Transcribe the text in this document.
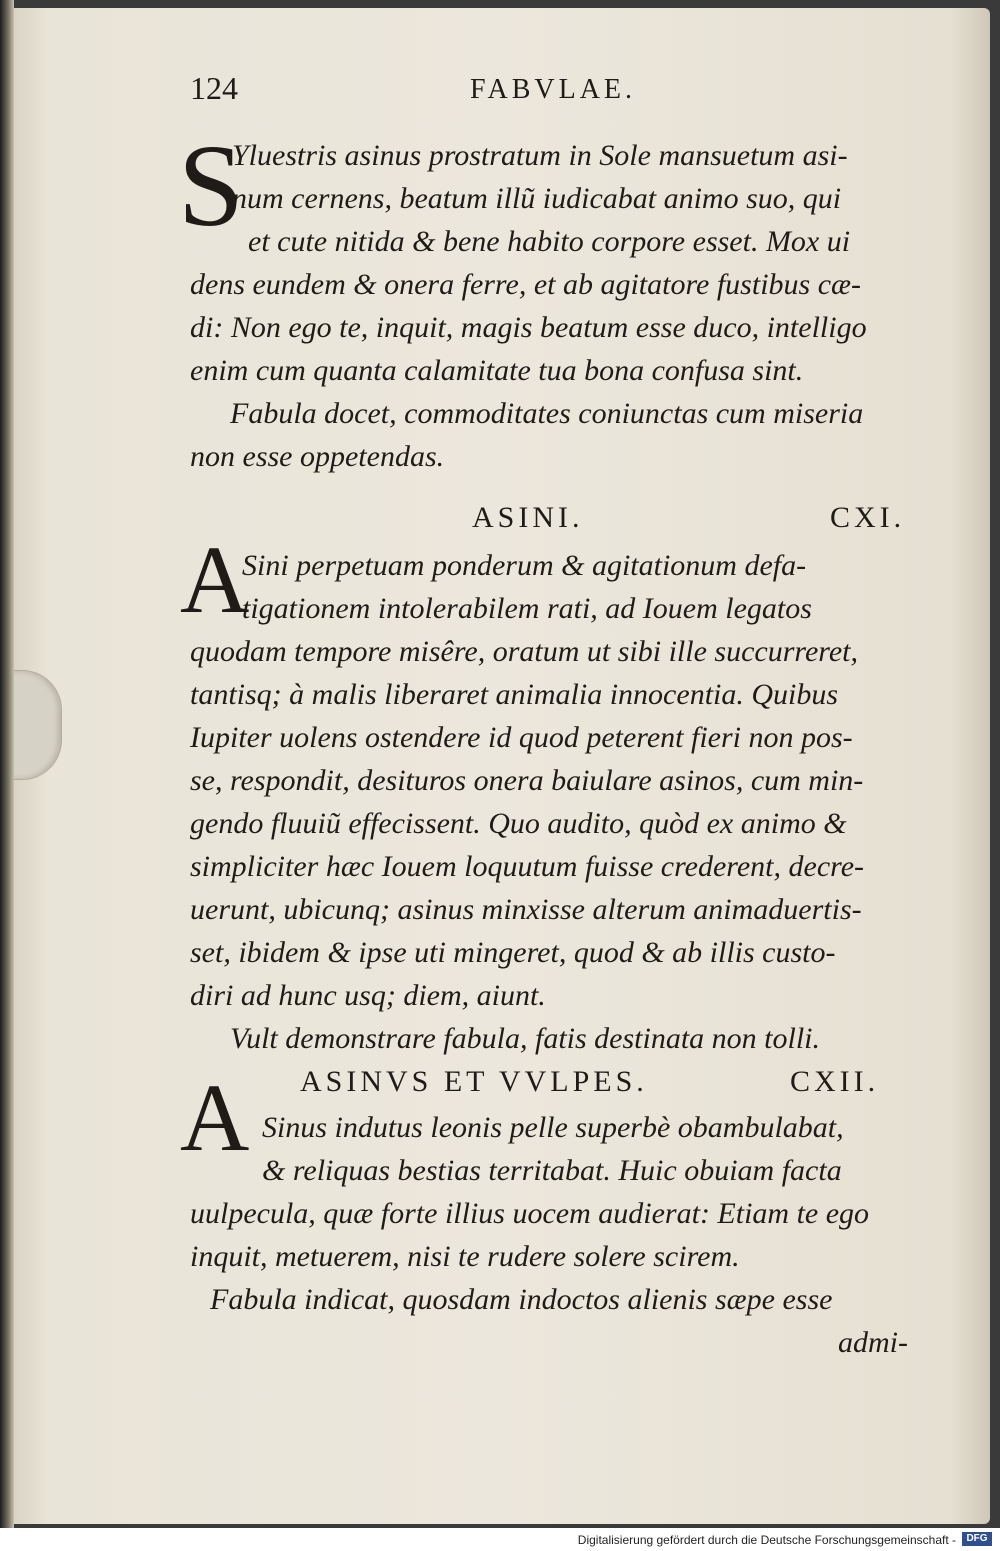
124	FABVLAE.
S
Yluestris asinus prostratum in Sole mansuetum asi-
num cernens, beatum illũ iudicabat animo suo, qui
et cute nitida & bene habito corpore esset. Mox ui
dens eundem & onera ferre, et ab agitatore fustibus cæ-
di: Non ego te, inquit, magis beatum esse duco, intelligo
enim cum quanta calamitate tua bona confusa sint.
Fabula docet, commoditates coniunctas cum miseria
non esse oppetendas.
ASINI.	CXI.
A
Sini perpetuam ponderum & agitationum defa-
tigationem intolerabilem rati, ad Iouem legatos
quodam tempore misêre, oratum ut sibi ille succurreret,
tantisq; à malis liberaret animalia innocentia. Quibus
Iupiter uolens ostendere id quod peterent fieri non pos-
se, respondit, desituros onera baiulare asinos, cum min-
gendo fluuiũ effecissent. Quo audito, quòd ex animo &
simpliciter hæc Iouem loquutum fuisse crederent, decre-
uerunt, ubicunq; asinus minxisse alterum animaduertis-
set, ibidem & ipse uti mingeret, quod & ab illis custo-
diri ad hunc usq; diem, aiunt.
Vult demonstrare fabula, fatis destinata non tolli.
ASINVS ET VVLPES.	CXII.
A Sinus indutus leonis pelle superbè obambulabat,
& reliquas bestias territabat. Huic obuiam facta
uulpecula, quæ forte illius uocem audierat: Etiam te ego
inquit, metuerem, nisi te rudere solere scirem.
Fabula indicat, quosdam indoctos alienis sæpe esse
admi-
Digitalisierung gefördert durch die Deutsche Forschungsgemeinschaft -	DFG
